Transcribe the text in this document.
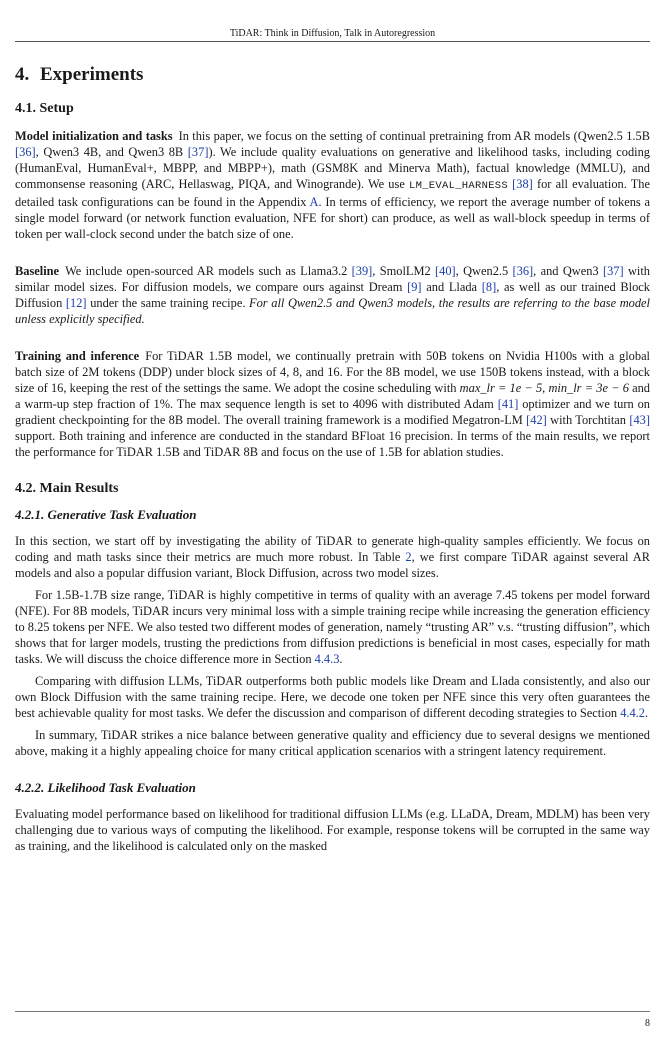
TiDAR: Think in Diffusion, Talk in Autoregression
4. Experiments
4.1. Setup

Model initialization and tasks In this paper, we focus on the setting of continual pretraining from AR models (Qwen2.5 1.5B [36], Qwen3 4B, and Qwen3 8B [37]). We include quality evaluations on generative and likelihood tasks, including coding (HumanEval, HumanEval+, MBPP, and MBPP+), math (GSM8K and Minerva Math), factual knowledge (MMLU), and commonsense reasoning (ARC, Hellaswag, PIQA, and Winogrande). We use LM_EVAL_HARNESS [38] for all evaluation. The detailed task configurations can be found in the Appendix A. In terms of efficiency, we report the average number of tokens a single model forward (or network function evaluation, NFE for short) can produce, as well as wall-block speedup in terms of token per wall-clock second under the batch size of one.

Baseline We include open-sourced AR models such as Llama3.2 [39], SmolLM2 [40], Qwen2.5 [36], and Qwen3 [37] with similar model sizes. For diffusion models, we compare ours against Dream [9] and Llada [8], as well as our trained Block Diffusion [12] under the same training recipe. For all Qwen2.5 and Qwen3 models, the results are referring to the base model unless explicitly specified.

Training and inference For TiDAR 1.5B model, we continually pretrain with 50B tokens on Nvidia H100s with a global batch size of 2M tokens (DDP) under block sizes of 4, 8, and 16. For the 8B model, we use 150B tokens instead, with a block size of 16, keeping the rest of the settings the same. We adopt the cosine scheduling with max_lr = 1e − 5, min_lr = 3e − 6 and a warm-up step fraction of 1%. The max sequence length is set to 4096 with distributed Adam [41] optimizer and we turn on gradient checkpointing for the 8B model. The overall training framework is a modified Megatron-LM [42] with Torchtitan [43] support. Both training and inference are conducted in the standard BFloat 16 precision. In terms of the main results, we report the performance for TiDAR 1.5B and TiDAR 8B and focus on the use of 1.5B for ablation studies.

4.2. Main Results
4.2.1. Generative Task Evaluation

In this section, we start off by investigating the ability of TiDAR to generate high-quality samples efficiently. We focus on coding and math tasks since their metrics are much more robust. In Table 2, we first compare TiDAR against several AR models and also a popular diffusion variant, Block Diffusion, across two model sizes.

For 1.5B-1.7B size range, TiDAR is highly competitive in terms of quality with an average 7.45 tokens per model forward (NFE). For 8B models, TiDAR incurs very minimal loss with a simple training recipe while increasing the generation efficiency to 8.25 tokens per NFE. We also tested two different modes of generation, namely “trusting AR” v.s. “trusting diffusion”, which shows that for larger models, trusting the predictions from diffusion predictions is beneficial in most cases, especially for math tasks. We will discuss the choice difference more in Section 4.4.3.

Comparing with diffusion LLMs, TiDAR outperforms both public models like Dream and Llada consistently, and also our own Block Diffusion with the same training recipe. Here, we decode one token per NFE since this very often guarantees the best achievable quality for most tasks. We defer the discussion and comparison of different decoding strategies to Section 4.4.2.

In summary, TiDAR strikes a nice balance between generative quality and efficiency due to several designs we mentioned above, making it a highly appealing choice for many critical application scenarios with a stringent latency requirement.

4.2.2. Likelihood Task Evaluation

Evaluating model performance based on likelihood for traditional diffusion LLMs (e.g. LLaDA, Dream, MDLM) has been very challenging due to various ways of computing the likelihood. For example, response tokens will be corrupted in the same way as training, and the likelihood is calculated only on the masked

8
